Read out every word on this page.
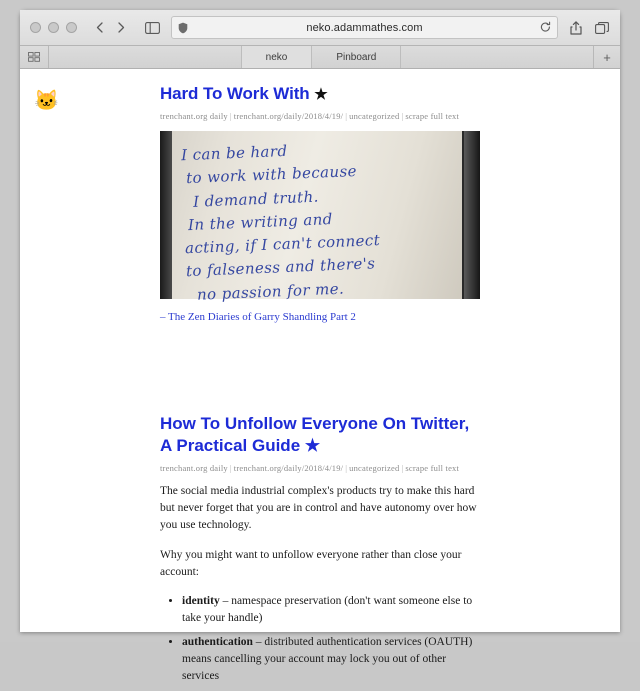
neko.adammathes.com
neko	Pinboard	+
🐱	Hard To Work With ★
trenchant.org daily | trenchant.org/daily/2018/4/19/ | uncategorized | scrape full text
I can be hard
to work with because
I demand truth.
In the writing and
acting, if I can't connect
to falseness and there's
no passion for me.
– The Zen Diaries of Garry Shandling Part 2
How To Unfollow Everyone On Twitter, A Practical Guide ★
trenchant.org daily | trenchant.org/daily/2018/4/19/ | uncategorized | scrape full text

The social media industrial complex's products try to make this hard but never forget that you are in control and have autonomy over how you use technology.

Why you might want to unfollow everyone rather than close your account:

• identity – namespace preservation (don't want someone else to take your handle)
• authentication – distributed authentication services (OAUTH) means cancelling your account may lock you out of other services
